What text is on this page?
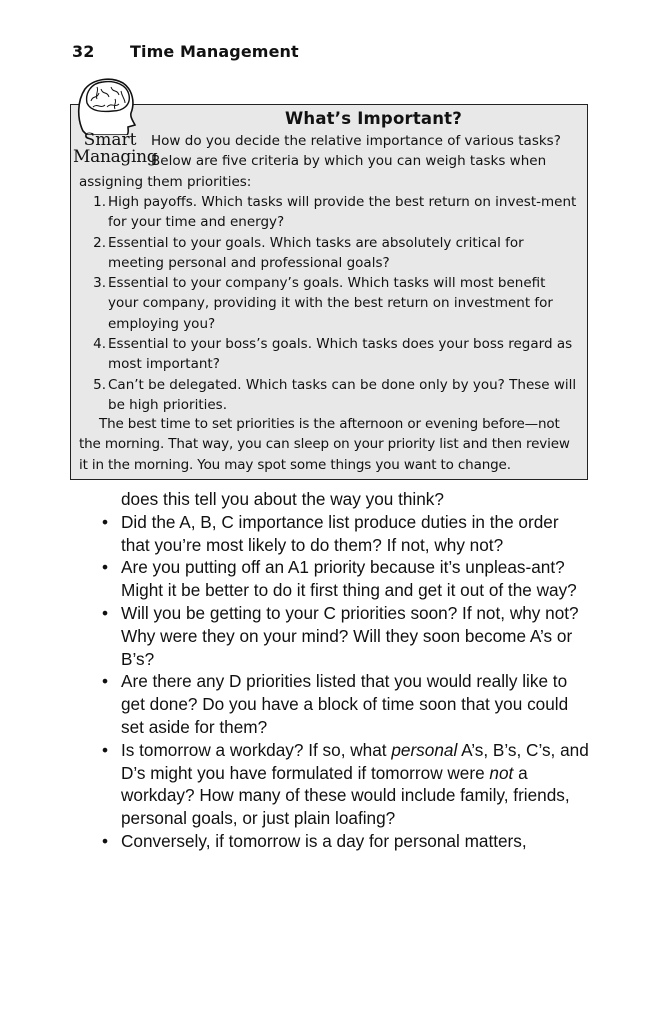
32 Time Management
Smart
Managing
What’s Important?

How do you decide the relative importance of various tasks? Below are five criteria by which you can weigh tasks when assigning them priorities:

1. High payoffs. Which tasks will provide the best return on invest-ment for your time and energy?
2. Essential to your goals. Which tasks are absolutely critical for meeting personal and professional goals?
3. Essential to your company’s goals. Which tasks will most benefit your company, providing it with the best return on investment for employing you?
4. Essential to your boss’s goals. Which tasks does your boss regard as most important?
5. Can’t be delegated. Which tasks can be done only by you? These will be high priorities.

The best time to set priorities is the afternoon or evening before—not the morning. That way, you can sleep on your priority list and then review it in the morning. You may spot some things you want to change.

does this tell you about the way you think?

• Did the A, B, C importance list produce duties in the order that you’re most likely to do them? If not, why not?
• Are you putting off an A1 priority because it’s unpleas-ant? Might it be better to do it first thing and get it out of the way?
• Will you be getting to your C priorities soon? If not, why not? Why were they on your mind? Will they soon become A’s or B’s?
• Are there any D priorities listed that you would really like to get done? Do you have a block of time soon that you could set aside for them?
• Is tomorrow a workday? If so, what personal A’s, B’s, C’s, and D’s might you have formulated if tomorrow were not a workday? How many of these would include family, friends, personal goals, or just plain loafing?
• Conversely, if tomorrow is a day for personal matters,
